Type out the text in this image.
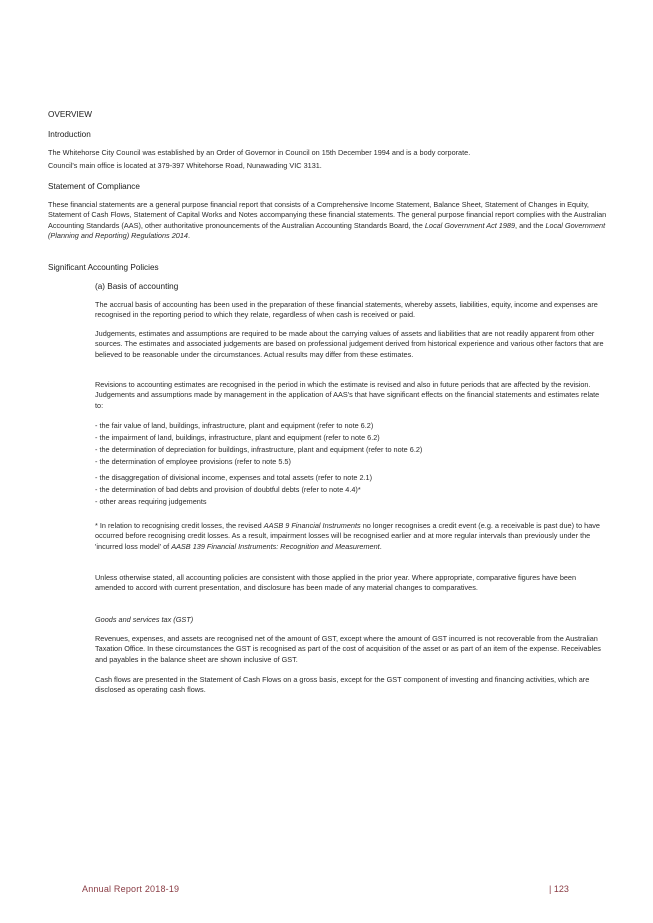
OVERVIEW

Introduction

The Whitehorse City Council was established by an Order of Governor in Council on 15th December 1994 and is a body corporate.

Council's main office is located at 379-397 Whitehorse Road, Nunawading VIC 3131.

Statement of Compliance

These financial statements are a general purpose financial report that consists of a Comprehensive Income Statement, Balance Sheet, Statement of Changes in Equity, Statement of Cash Flows, Statement of Capital Works and Notes accompanying these financial statements. The general purpose financial report complies with the Australian Accounting Standards (AAS), other authoritative pronouncements of the Australian Accounting Standards Board, the Local Government Act 1989, and the Local Government (Planning and Reporting) Regulations 2014.

Significant Accounting Policies

(a) Basis of accounting

The accrual basis of accounting has been used in the preparation of these financial statements, whereby assets, liabilities, equity, income and expenses are recognised in the reporting period to which they relate, regardless of when cash is received or paid.

Judgements, estimates and assumptions are required to be made about the carrying values of assets and liabilities that are not readily apparent from other sources. The estimates and associated judgements are based on professional judgement derived from historical experience and various other factors that are believed to be reasonable under the circumstances. Actual results may differ from these estimates.

Revisions to accounting estimates are recognised in the period in which the estimate is revised and also in future periods that are affected by the revision. Judgements and assumptions made by management in the application of AAS's that have significant effects on the financial statements and estimates relate to:

- the fair value of land, buildings, infrastructure, plant and equipment (refer to note 6.2)

- the impairment of land, buildings, infrastructure, plant and equipment (refer to note 6.2)

- the determination of depreciation for buildings, infrastructure, plant and equipment (refer to note 6.2)

- the determination of employee provisions (refer to note 5.5)

- the disaggregation of divisional income, expenses and total assets (refer to note 2.1)

- the determination of bad debts and provision of doubtful debts (refer to note 4.4)*

- other areas requiring judgements

* In relation to recognising credit losses, the revised AASB 9 Financial Instruments no longer recognises a credit event (e.g. a receivable is past due) to have occurred before recognising credit losses. As a result, impairment losses will be recognised earlier and at more regular intervals than previously under the 'incurred loss model' of AASB 139 Financial Instruments: Recognition and Measurement.

Unless otherwise stated, all accounting policies are consistent with those applied in the prior year. Where appropriate, comparative figures have been amended to accord with current presentation, and disclosure has been made of any material changes to comparatives.

Goods and services tax (GST)

Revenues, expenses, and assets are recognised net of the amount of GST, except where the amount of GST incurred is not recoverable from the Australian Taxation Office. In these circumstances the GST is recognised as part of the cost of acquisition of the asset or as part of an item of the expense. Receivables and payables in the balance sheet are shown inclusive of GST.

Cash flows are presented in the Statement of Cash Flows on a gross basis, except for the GST component of investing and financing activities, which are disclosed as operating cash flows.

Annual Report 2018-19	| 123
